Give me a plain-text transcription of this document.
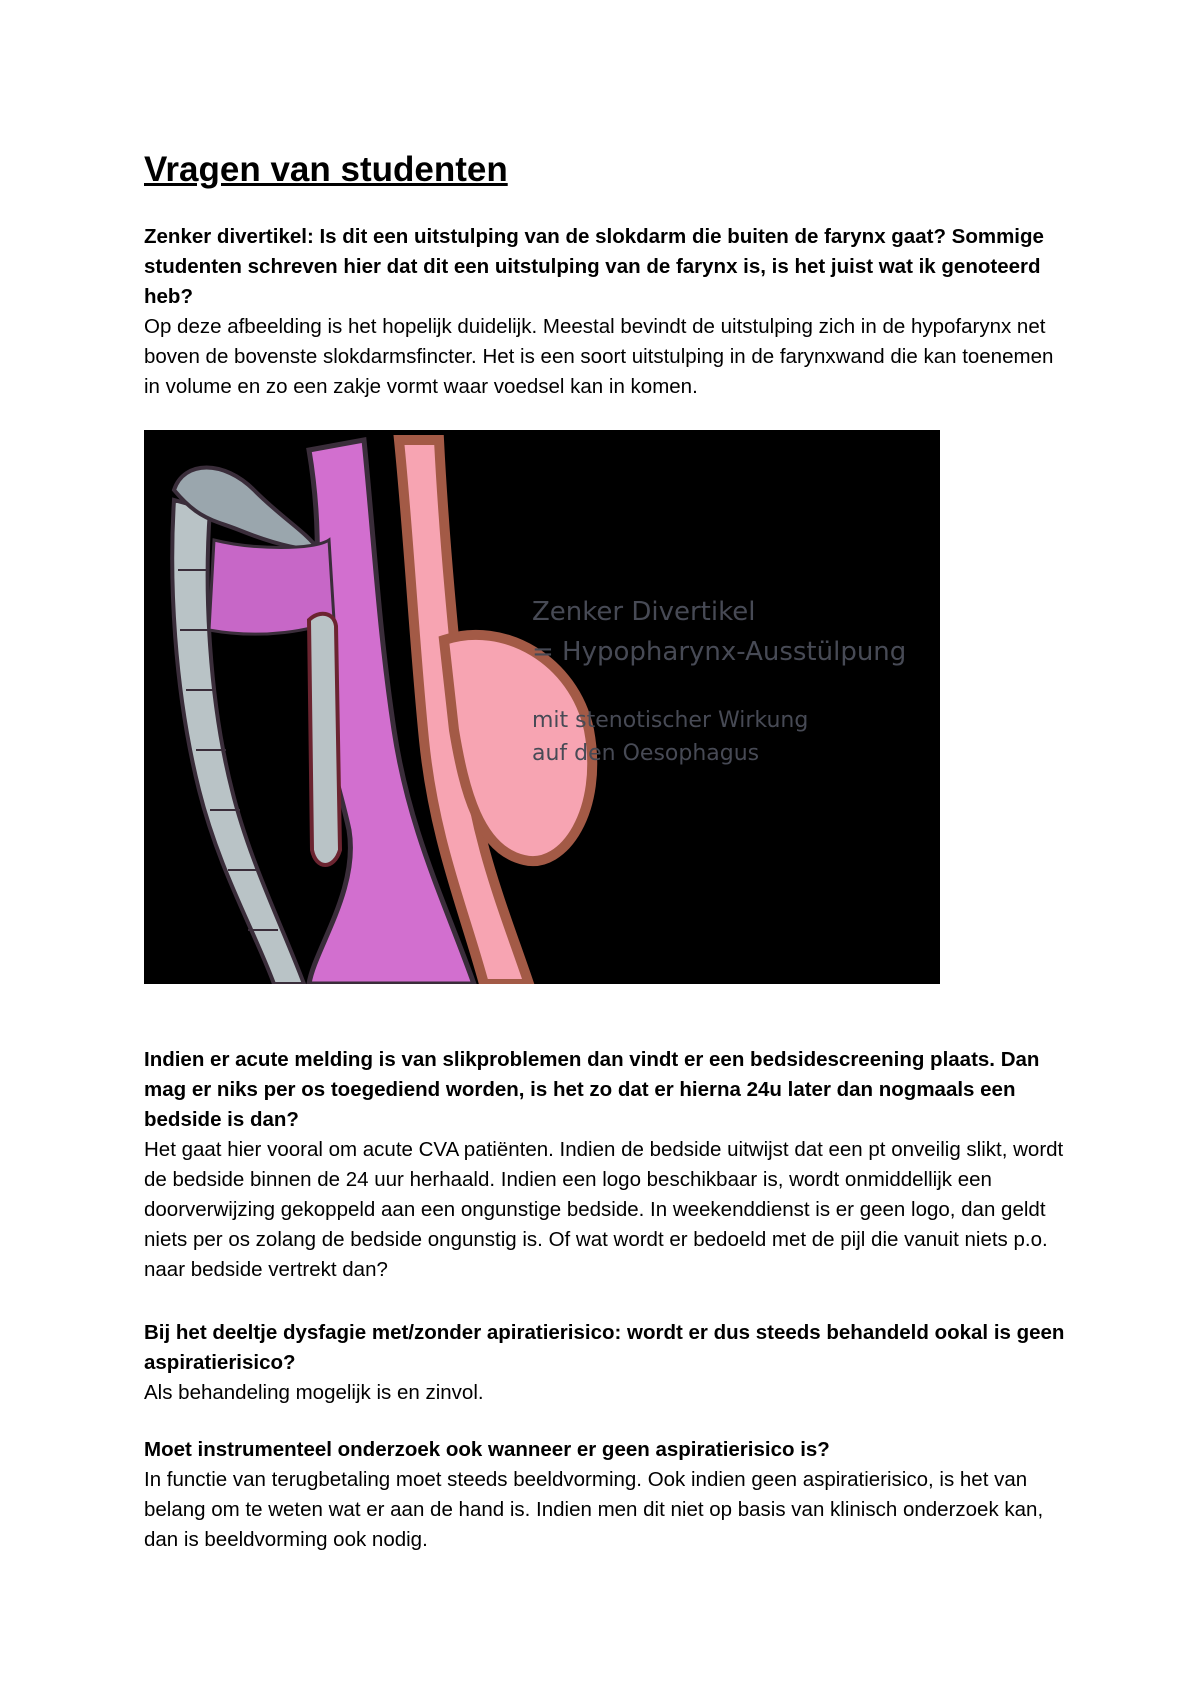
Vragen van studenten

Zenker divertikel: Is dit een uitstulping van de slokdarm die buiten de farynx gaat? Sommige studenten schreven hier dat dit een uitstulping van de farynx is, is het juist wat ik genoteerd heb?

Op deze afbeelding is het hopelijk duidelijk. Meestal bevindt de uitstulping zich in de hypofarynx net boven de bovenste slokdarmsfincter. Het is een soort uitstulping in de farynxwand die kan toenemen in volume en zo een zakje vormt waar voedsel kan in komen.

Zenker Divertikel
= Hypopharynx-Ausstülpung
mit stenotischer Wirkung
auf den Oesophagus

Indien er acute melding is van slikproblemen dan vindt er een bedsidescreening plaats. Dan mag er niks per os toegediend worden, is het zo dat er hierna 24u later dan nogmaals een bedside is dan?

Het gaat hier vooral om acute CVA patiënten. Indien de bedside uitwijst dat een pt onveilig slikt, wordt de bedside binnen de 24 uur herhaald. Indien een logo beschikbaar is, wordt onmiddellijk een doorverwijzing gekoppeld aan een ongunstige bedside. In weekenddienst is er geen logo, dan geldt niets per os zolang de bedside ongunstig is. Of wat wordt er bedoeld met de pijl die vanuit niets p.o. naar bedside vertrekt dan?

Bij het deeltje dysfagie met/zonder apiratierisico: wordt er dus steeds behandeld ookal is geen aspiratierisico?

Als behandeling mogelijk is en zinvol.

Moet instrumenteel onderzoek ook wanneer er geen aspiratierisico is?

In functie van terugbetaling moet steeds beeldvorming. Ook indien geen aspiratierisico, is het van belang om te weten wat er aan de hand is. Indien men dit niet op basis van klinisch onderzoek kan, dan is beeldvorming ook nodig.
